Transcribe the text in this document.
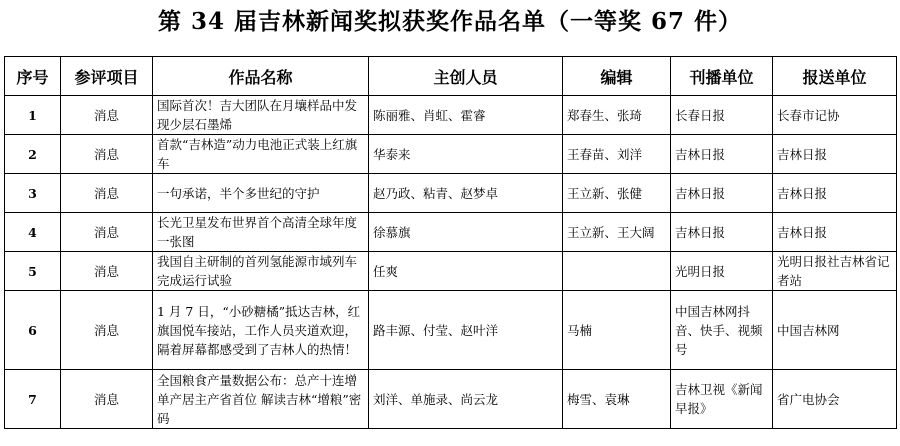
第 34 届吉林新闻奖拟获奖作品名单（一等奖 67 件）
序号	参评项目	作品名称	主创人员	编辑	刊播单位	报送单位
1	消息	国际首次！吉大团队在月壤样品中发现少层石墨烯	陈丽雅、肖虹、霍睿	郑春生、张琦	长春日报	长春市记协
2	消息	首款“吉林造”动力电池正式装上红旗车	华泰来	王春苗、刘洋	吉林日报	吉林日报
3	消息	一句承诺，半个多世纪的守护	赵乃政、粘青、赵梦卓	王立新、张健	吉林日报	吉林日报
4	消息	长光卫星发布世界首个高清全球年度一张图	徐慕旗	王立新、王大阔	吉林日报	吉林日报
5	消息	我国自主研制的首列氢能源市域列车完成运行试验	任爽		光明日报	光明日报社吉林省记者站
6	消息	1 月 7 日，“小砂糖橘”抵达吉林，红旗国悦车接站，工作人员夹道欢迎，隔着屏幕都感受到了吉林人的热情！	路丰源、付莹、赵叶洋	马楠	中国吉林网抖音、快手、视频号	中国吉林网
7	消息	全国粮食产量数据公布：总产十连增 单产居主产省首位 解读吉林“增粮”密码	刘洋、单施录、尚云龙	梅雪、袁琳	吉林卫视《新闻早报》	省广电协会
